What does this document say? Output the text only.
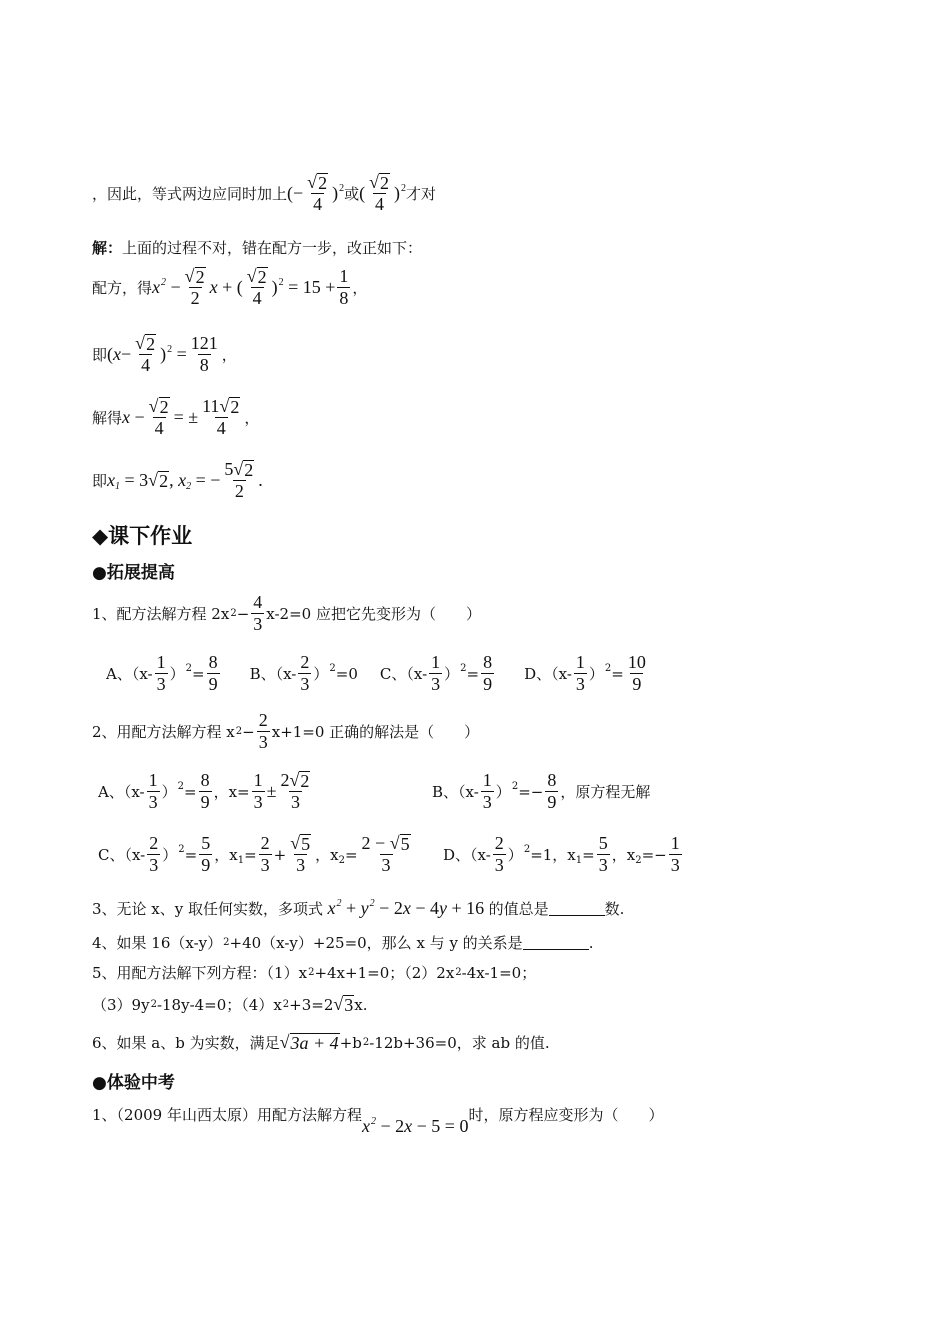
，因此，等式两边应同时加上 (− $\frac{√ 2}{4} )^2$ 或 ( $\frac{√ 2}{4} )^2$ 才对
解： 上面的过程不对，错在配方一步，改正如下：
配方，得 $x^2 - \frac{√ 2}{2}$ x + ( $\frac{√ 2}{4} )^2 = 15 + \frac{1}{8}$ ，
即 ( $x - \frac{√ 2}{4} )^2 = \frac{121}{8}$ ，
解得 $x - \frac{√ 2}{4}$ = ± $\frac{11 √ 2}{4}$ ，
即 $x_1 = 3$ √ 2 , $x_2$ = − $\frac{5 √ 2}{2}$ .
◆课下作业
●拓展提高
1、配方法解方程 2x $2 - \frac{4}{3} x-2=0$ 应把它先变形为（　　）
A、$(x- \frac{1}{3} )^2= \frac{8}{9}$ B、$(x- \frac{2}{3} )^2=0$ C、$(x- \frac{1}{3} )^2= \frac{8}{9}$ D、$(x- \frac{1}{3} )^2= \frac{10}{9}$
2、用配方法解方程 x $2 - \frac{2}{3} x+1=0$ 正确的解法是（　　）
A、$(x- \frac{1}{3} )^2= \frac{8}{9}$ ，$x= \frac{1}{3} \pm \frac{2 √ 2}{3}$	B、$(x- \frac{1}{3} )^2=- \frac{8}{9}$ ，原方程无解
C、$(x- \frac{2}{3} )^2= \frac{5}{9}$ ，$x_1= \frac{2}{3} + \frac{√ 5}{3}$ ，$x_2= \frac{2 - √ 5}{3}$ D、$(x- \frac{2}{3} )^2=1$，$x_1= \frac{5}{3}$ ，$x_2=- \frac{1}{3}$
3、无论 x、y 取任何实数，多项式 $x^2 + y^2 - 2$ x − 4 y + 16 的值总是	数.
4、如果 16（x-y） 2 +40（x-y）+25=0，那么 x 与 y 的关系是	.
5、用配方法解下列方程：（1）x 2 +4x+1=0；（2）2x 2 -4x-1=0；
（3）9y 2 -18y-4=0；（4）x 2 +3=2 √ 3 x.
6、如果 a、b 为实数，满足 √ 3a + 4 +b 2 -12b+36=0，求 ab 的值.
●体验中考
1、（2009 年山西太原）用配方法解方程
$x^2 - 2x - 5 = 0$
时，原方程应变形为（　　）
